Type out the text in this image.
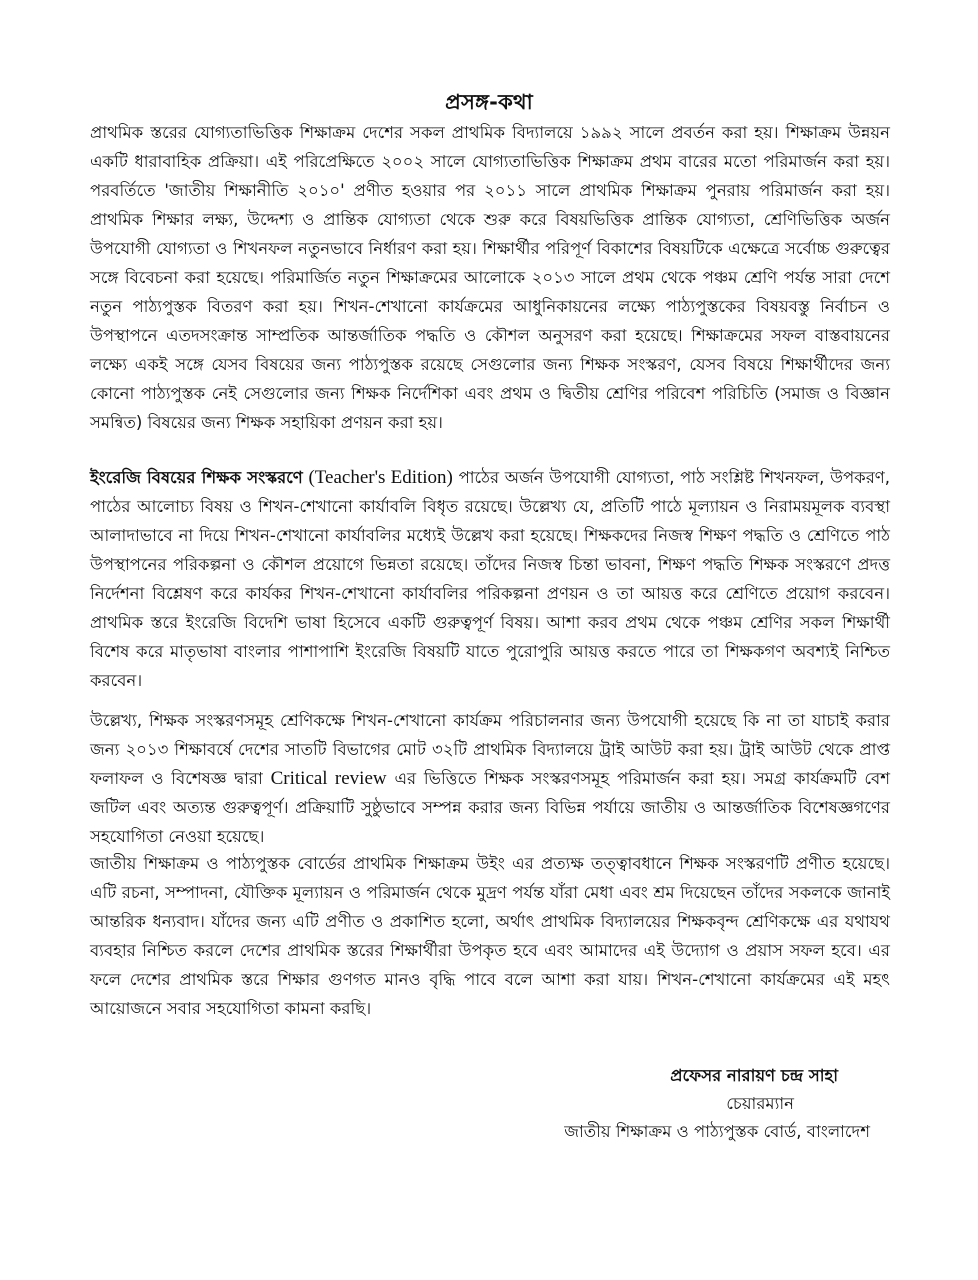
প্রসঙ্গ-কথা

প্রাথমিক স্তরের যোগ্যতাভিত্তিক শিক্ষাক্রম দেশের সকল প্রাথমিক বিদ্যালয়ে ১৯৯২ সালে প্রবর্তন করা হয়। শিক্ষাক্রম উন্নয়ন একটি ধারাবাহিক প্রক্রিয়া। এই পরিপ্রেক্ষিতে ২০০২ সালে যোগ্যতাভিত্তিক শিক্ষাক্রম প্রথম বারের মতো পরিমার্জন করা হয়। পরবর্তিতে 'জাতীয় শিক্ষানীতি ২০১০' প্রণীত হওয়ার পর ২০১১ সালে প্রাথমিক শিক্ষাক্রম পুনরায় পরিমার্জন করা হয়। প্রাথমিক শিক্ষার লক্ষ্য, উদ্দেশ্য ও প্রান্তিক যোগ্যতা থেকে শুরু করে বিষয়ভিত্তিক প্রান্তিক যোগ্যতা, শ্রেণিভিত্তিক অর্জন উপযোগী যোগ্যতা ও শিখনফল নতুনভাবে নির্ধারণ করা হয়। শিক্ষার্থীর পরিপূর্ণ বিকাশের বিষয়টিকে এক্ষেত্রে সর্বোচ্চ গুরুত্বের সঙ্গে বিবেচনা করা হয়েছে। পরিমার্জিত নতুন শিক্ষাক্রমের আলোকে ২০১৩ সালে প্রথম থেকে পঞ্চম শ্রেণি পর্যন্ত সারা দেশে নতুন পাঠ্যপুস্তক বিতরণ করা হয়। শিখন-শেখানো কার্যক্রমের আধুনিকায়নের লক্ষ্যে পাঠ্যপুস্তকের বিষয়বস্তু নির্বাচন ও উপস্থাপনে এতদসংক্রান্ত সাম্প্রতিক আন্তর্জাতিক পদ্ধতি ও কৌশল অনুসরণ করা হয়েছে। শিক্ষাক্রমের সফল বাস্তবায়নের লক্ষ্যে একই সঙ্গে যেসব বিষয়ের জন্য পাঠ্যপুস্তক রয়েছে সেগুলোর জন্য শিক্ষক সংস্করণ, যেসব বিষয়ে শিক্ষার্থীদের জন্য কোনো পাঠ্যপুস্তক নেই সেগুলোর জন্য শিক্ষক নির্দেশিকা এবং প্রথম ও দ্বিতীয় শ্রেণির পরিবেশ পরিচিতি (সমাজ ও বিজ্ঞান সমন্বিত) বিষয়ের জন্য শিক্ষক সহায়িকা প্রণয়ন করা হয়।

ইংরেজি বিষয়ের শিক্ষক সংস্করণে (Teacher's Edition) পাঠের অর্জন উপযোগী যোগ্যতা, পাঠ সংশ্লিষ্ট শিখনফল, উপকরণ, পাঠের আলোচ্য বিষয় ও শিখন-শেখানো কার্যাবলি বিধৃত রয়েছে। উল্লেখ্য যে, প্রতিটি পাঠে মূল্যায়ন ও নিরাময়মূলক ব্যবস্থা আলাদাভাবে না দিয়ে শিখন-শেখানো কার্যাবলির মধ্যেই উল্লেখ করা হয়েছে। শিক্ষকদের নিজস্ব শিক্ষণ পদ্ধতি ও শ্রেণিতে পাঠ উপস্থাপনের পরিকল্পনা ও কৌশল প্রয়োগে ভিন্নতা রয়েছে। তাঁদের নিজস্ব চিন্তা ভাবনা, শিক্ষণ পদ্ধতি শিক্ষক সংস্করণে প্রদত্ত নির্দেশনা বিশ্লেষণ করে কার্যকর শিখন-শেখানো কার্যাবলির পরিকল্পনা প্রণয়ন ও তা আয়ত্ত করে শ্রেণিতে প্রয়োগ করবেন। প্রাথমিক স্তরে ইংরেজি বিদেশি ভাষা হিসেবে একটি গুরুত্বপূর্ণ বিষয়। আশা করব প্রথম থেকে পঞ্চম শ্রেণির সকল শিক্ষার্থী বিশেষ করে মাতৃভাষা বাংলার পাশাপাশি ইংরেজি বিষয়টি যাতে পুরোপুরি আয়ত্ত করতে পারে তা শিক্ষকগণ অবশ্যই নিশ্চিত করবেন।

উল্লেখ্য, শিক্ষক সংস্করণসমূহ শ্রেণিকক্ষে শিখন-শেখানো কার্যক্রম পরিচালনার জন্য উপযোগী হয়েছে কি না তা যাচাই করার জন্য ২০১৩ শিক্ষাবর্ষে দেশের সাতটি বিভাগের মোট ৩২টি প্রাথমিক বিদ্যালয়ে ট্রাই আউট করা হয়। ট্রাই আউট থেকে প্রাপ্ত ফলাফল ও বিশেষজ্ঞ দ্বারা Critical review এর ভিত্তিতে শিক্ষক সংস্করণসমূহ পরিমার্জন করা হয়। সমগ্র কার্যক্রমটি বেশ জটিল এবং অত্যন্ত গুরুত্বপূর্ণ। প্রক্রিয়াটি সুষ্ঠুভাবে সম্পন্ন করার জন্য বিভিন্ন পর্যায়ে জাতীয় ও আন্তর্জাতিক বিশেষজ্ঞগণের সহযোগিতা নেওয়া হয়েছে।

জাতীয় শিক্ষাক্রম ও পাঠ্যপুস্তক বোর্ডের প্রাথমিক শিক্ষাক্রম উইং এর প্রত্যক্ষ তত্ত্বাবধানে শিক্ষক সংস্করণটি প্রণীত হয়েছে। এটি রচনা, সম্পাদনা, যৌক্তিক মূল্যায়ন ও পরিমার্জন থেকে মুদ্রণ পর্যন্ত যাঁরা মেধা এবং শ্রম দিয়েছেন তাঁদের সকলকে জানাই আন্তরিক ধন্যবাদ। যাঁদের জন্য এটি প্রণীত ও প্রকাশিত হলো, অর্থাৎ প্রাথমিক বিদ্যালয়ের শিক্ষকবৃন্দ শ্রেণিকক্ষে এর যথাযথ ব্যবহার নিশ্চিত করলে দেশের প্রাথমিক স্তরের শিক্ষার্থীরা উপকৃত হবে এবং আমাদের এই উদ্যোগ ও প্রয়াস সফল হবে। এর ফলে দেশের প্রাথমিক স্তরে শিক্ষার গুণগত মানও বৃদ্ধি পাবে বলে আশা করা যায়। শিখন-শেখানো কার্যক্রমের এই মহৎ আয়োজনে সবার সহযোগিতা কামনা করছি।

প্রফেসর নারায়ণ চন্দ্র সাহা
চেয়ারম্যান
জাতীয় শিক্ষাক্রম ও পাঠ্যপুস্তক বোর্ড, বাংলাদেশ
